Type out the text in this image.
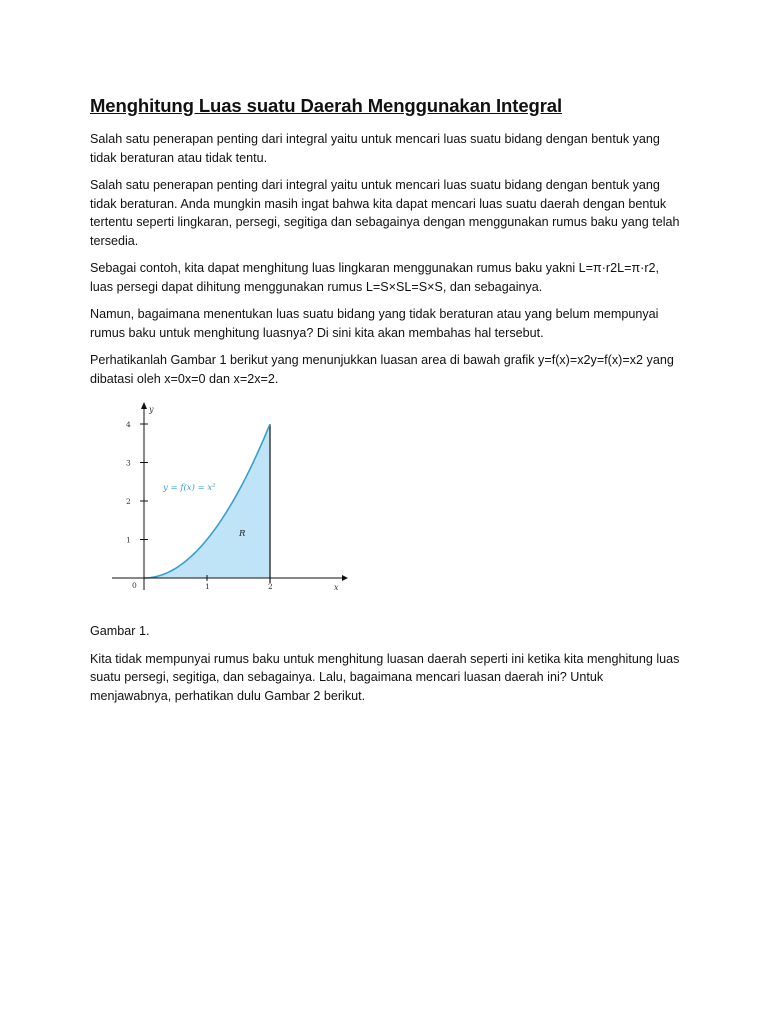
Menghitung Luas suatu Daerah Menggunakan Integral

Salah satu penerapan penting dari integral yaitu untuk mencari luas suatu bidang dengan bentuk yang tidak beraturan atau tidak tentu.

Salah satu penerapan penting dari integral yaitu untuk mencari luas suatu bidang dengan bentuk yang tidak beraturan. Anda mungkin masih ingat bahwa kita dapat mencari luas suatu daerah dengan bentuk tertentu seperti lingkaran, persegi, segitiga dan sebagainya dengan menggunakan rumus baku yang telah tersedia.

Sebagai contoh, kita dapat menghitung luas lingkaran menggunakan rumus baku yakni L=π·r2L=π·r2, luas persegi dapat dihitung menggunakan rumus L=S×SL=S×S, dan sebagainya.

Namun, bagaimana menentukan luas suatu bidang yang tidak beraturan atau yang belum mempunyai rumus baku untuk menghitung luasnya? Di sini kita akan membahas hal tersebut.

Perhatikanlah Gambar 1 berikut yang menunjukkan luasan area di bawah grafik y=f(x)=x2y=f(x)=x2 yang dibatasi oleh x=0x=0 dan x=2x=2.

1	2
1
2
3
4
x
y
0
y = f(x) = x²
R

Gambar 1.

Kita tidak mempunyai rumus baku untuk menghitung luasan daerah seperti ini ketika kita menghitung luas suatu persegi, segitiga, dan sebagainya. Lalu, bagaimana mencari luasan daerah ini? Untuk menjawabnya, perhatikan dulu Gambar 2 berikut.
